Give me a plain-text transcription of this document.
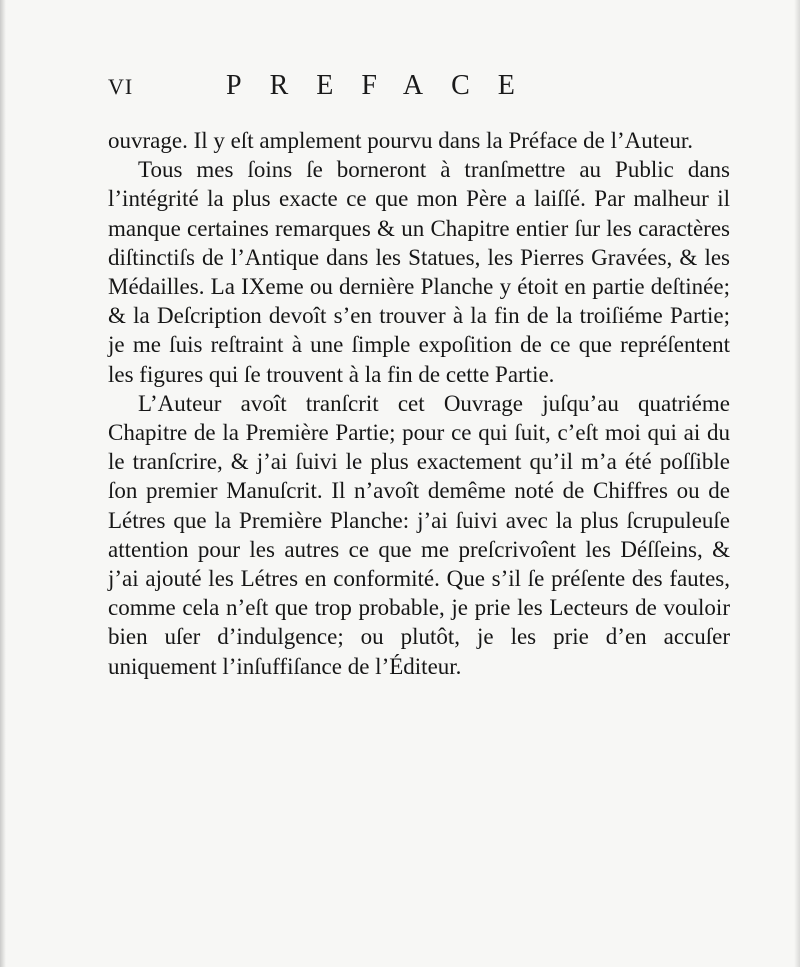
VI	PREFACE

ouvrage. Il y eſt amplement pourvu dans la Préface de l’Auteur.

Tous mes ſoins ſe borneront à tranſmettre au Public dans l’intégrité la plus exacte ce que mon Père a laiſſé. Par malheur il manque certaines remarques & un Chapitre entier ſur les caractères diſtinctiſs de l’Antique dans les Statues, les Pierres Gravées, & les Médailles. La IXeme ou dernière Planche y étoit en partie deſtinée; & la Deſcription devoît s’en trouver à la fin de la troiſiéme Partie; je me ſuis reſtraint à une ſimple expoſition de ce que repréſentent les figures qui ſe trouvent à la fin de cette Partie.

L’Auteur avoît tranſcrit cet Ouvrage juſqu’au quatriéme Chapitre de la Première Partie; pour ce qui ſuit, c’eſt moi qui ai du le tranſcrire, & j’ai ſuivi le plus exactement qu’il m’a été poſſible ſon premier Manuſcrit. Il n’avoît demême noté de Chiffres ou de Létres que la Première Planche: j’ai ſuivi avec la plus ſcrupuleuſe attention pour les autres ce que me preſcrivoîent les Déſſeins, & j’ai ajouté les Létres en conformité. Que s’il ſe préſente des fautes, comme cela n’eſt que trop probable, je prie les Lecteurs de vouloir bien uſer d’indulgence; ou plutôt, je les prie d’en accuſer uniquement l’inſuffiſance de l’Éditeur.
